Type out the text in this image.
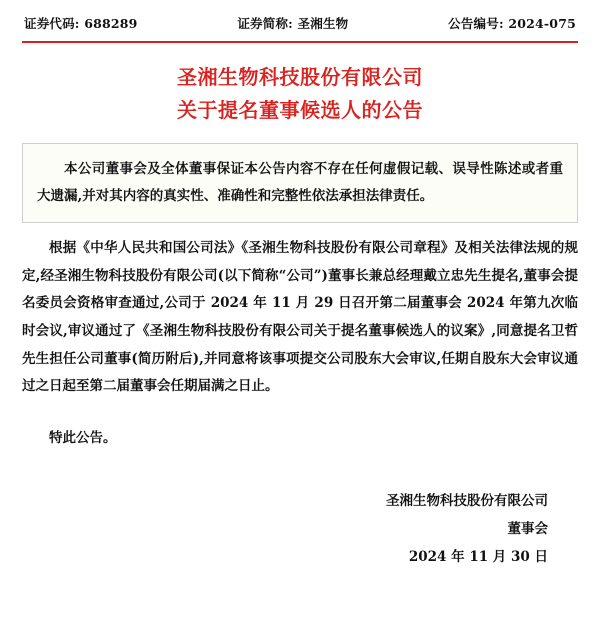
证券代码: 688289	证券简称: 圣湘生物	公告编号: 2024-075
圣湘生物科技股份有限公司
关于提名董事候选人的公告
本公司董事会及全体董事保证本公告内容不存在任何虚假记载、误导性陈述或者重大遗漏,并对其内容的真实性、准确性和完整性依法承担法律责任。

根据《中华人民共和国公司法》《圣湘生物科技股份有限公司章程》及相关法律法规的规定,经圣湘生物科技股份有限公司(以下简称“公司”)董事长兼总经理戴立忠先生提名,董事会提名委员会资格审查通过,公司于 2024 年 11 月 29 日召开第二届董事会 2024 年第九次临时会议,审议通过了《圣湘生物科技股份有限公司关于提名董事候选人的议案》,同意提名卫哲先生担任公司董事(简历附后),并同意将该事项提交公司股东大会审议,任期自股东大会审议通过之日起至第二届董事会任期届满之日止。

特此公告。

圣湘生物科技股份有限公司
董事会
2024 年 11 月 30 日
